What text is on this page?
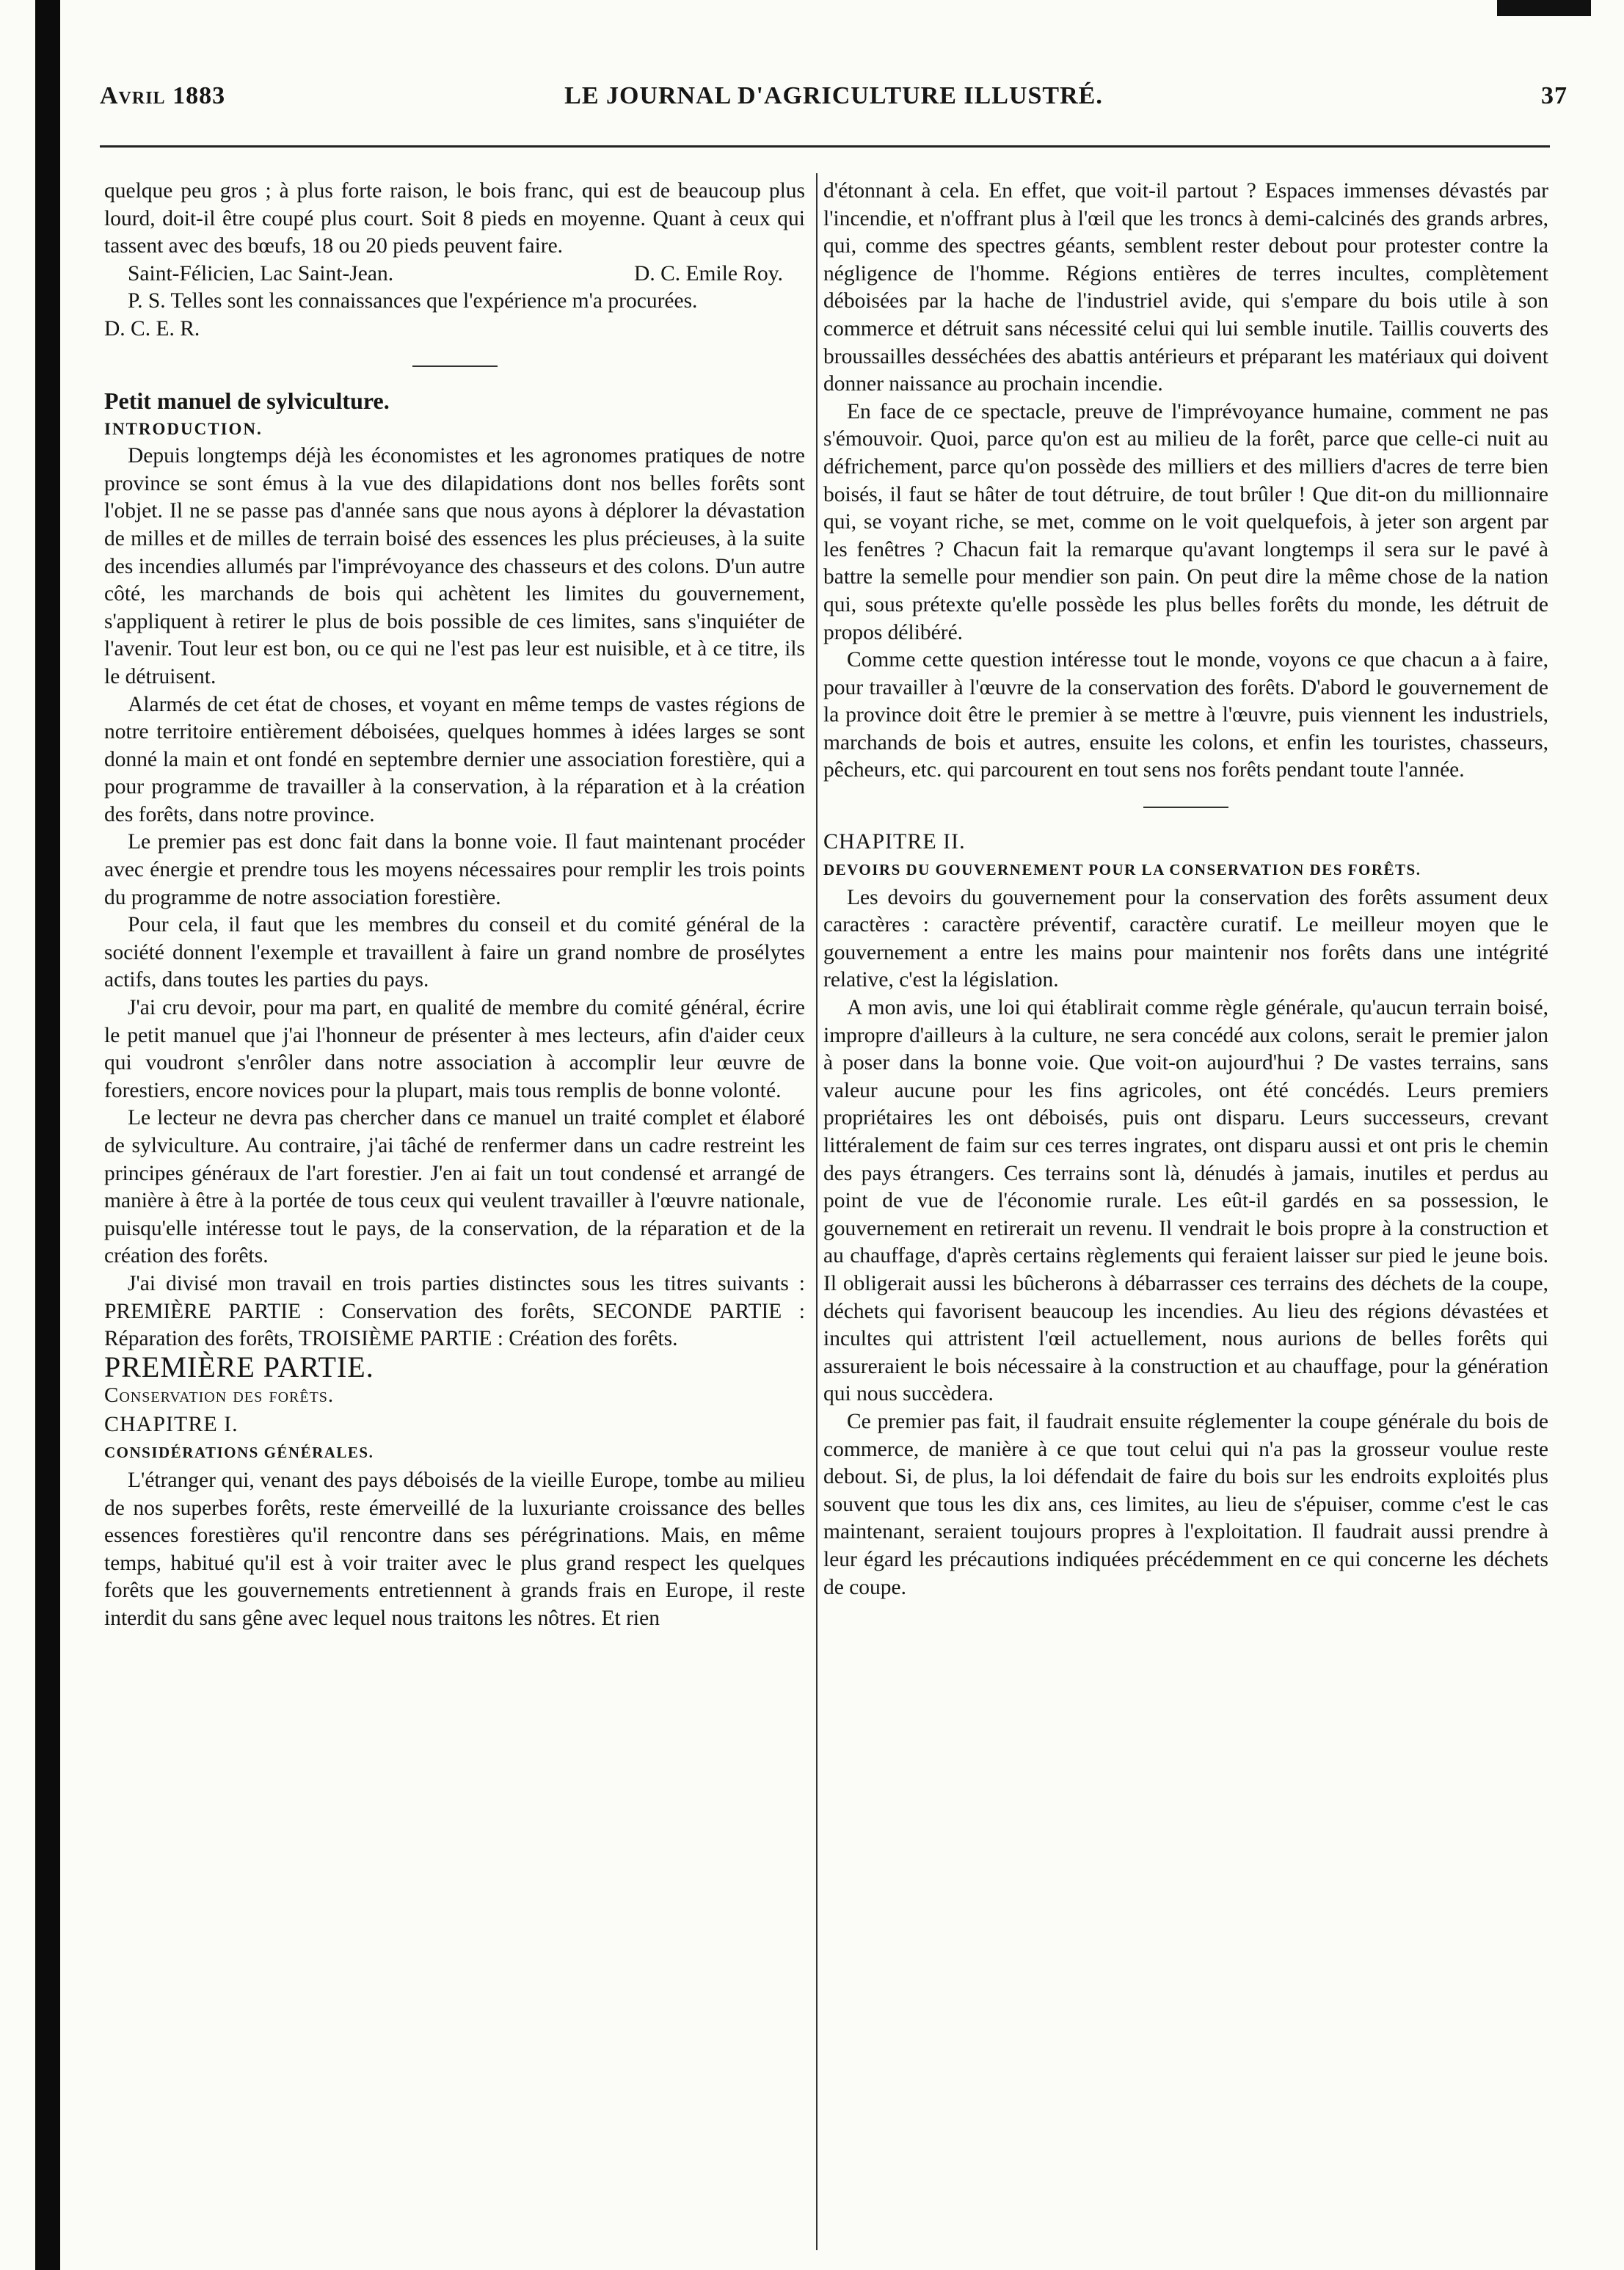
Avril 1883	LE JOURNAL D'AGRICULTURE ILLUSTRÉ.	37

quelque peu gros ; à plus forte raison, le bois franc, qui est de beaucoup plus lourd, doit-il être coupé plus court. Soit 8 pieds en moyenne. Quant à ceux qui tassent avec des bœufs, 18 ou 20 pieds peuvent faire.

Saint-Félicien, Lac Saint-Jean.	D. C. Emile Roy.

P. S. Telles sont les connaissances que l'expérience m'a procurées.

D. C. E. R.

Petit manuel de sylviculture.

INTRODUCTION.

Depuis longtemps déjà les économistes et les agronomes pratiques de notre province se sont émus à la vue des dilapidations dont nos belles forêts sont l'objet. Il ne se passe pas d'année sans que nous ayons à déplorer la dévastation de milles et de milles de terrain boisé des essences les plus précieuses, à la suite des incendies allumés par l'imprévoyance des chasseurs et des colons. D'un autre côté, les marchands de bois qui achètent les limites du gouvernement, s'appliquent à retirer le plus de bois possible de ces limites, sans s'inquiéter de l'avenir. Tout leur est bon, ou ce qui ne l'est pas leur est nuisible, et à ce titre, ils le détruisent.

Alarmés de cet état de choses, et voyant en même temps de vastes régions de notre territoire entièrement déboisées, quelques hommes à idées larges se sont donné la main et ont fondé en septembre dernier une association forestière, qui a pour programme de travailler à la conservation, à la réparation et à la création des forêts, dans notre province.

Le premier pas est donc fait dans la bonne voie. Il faut maintenant procéder avec énergie et prendre tous les moyens nécessaires pour remplir les trois points du programme de notre association forestière.

Pour cela, il faut que les membres du conseil et du comité général de la société donnent l'exemple et travaillent à faire un grand nombre de prosélytes actifs, dans toutes les parties du pays.

J'ai cru devoir, pour ma part, en qualité de membre du comité général, écrire le petit manuel que j'ai l'honneur de présenter à mes lecteurs, afin d'aider ceux qui voudront s'enrôler dans notre association à accomplir leur œuvre de forestiers, encore novices pour la plupart, mais tous remplis de bonne volonté.

Le lecteur ne devra pas chercher dans ce manuel un traité complet et élaboré de sylviculture. Au contraire, j'ai tâché de renfermer dans un cadre restreint les principes généraux de l'art forestier. J'en ai fait un tout condensé et arrangé de manière à être à la portée de tous ceux qui veulent travailler à l'œuvre nationale, puisqu'elle intéresse tout le pays, de la conservation, de la réparation et de la création des forêts.

J'ai divisé mon travail en trois parties distinctes sous les titres suivants : PREMIÈRE PARTIE : Conservation des forêts, SECONDE PARTIE : Réparation des forêts, TROISIÈME PARTIE : Création des forêts.

PREMIÈRE PARTIE.

Conservation des forêts.

CHAPITRE I.

CONSIDÉRATIONS GÉNÉRALES.

L'étranger qui, venant des pays déboisés de la vieille Europe, tombe au milieu de nos superbes forêts, reste émerveillé de la luxuriante croissance des belles essences forestières qu'il rencontre dans ses pérégrinations. Mais, en même temps, habitué qu'il est à voir traiter avec le plus grand respect les quelques forêts que les gouvernements entretiennent à grands frais en Europe, il reste interdit du sans gêne avec lequel nous traitons les nôtres. Et rien

d'étonnant à cela. En effet, que voit-il partout ? Espaces immenses dévastés par l'incendie, et n'offrant plus à l'œil que les troncs à demi-calcinés des grands arbres, qui, comme des spectres géants, semblent rester debout pour protester contre la négligence de l'homme. Régions entières de terres incultes, complètement déboisées par la hache de l'industriel avide, qui s'empare du bois utile à son commerce et détruit sans nécessité celui qui lui semble inutile. Taillis couverts des broussailles desséchées des abattis antérieurs et préparant les matériaux qui doivent donner naissance au prochain incendie.

En face de ce spectacle, preuve de l'imprévoyance humaine, comment ne pas s'émouvoir. Quoi, parce qu'on est au milieu de la forêt, parce que celle-ci nuit au défrichement, parce qu'on possède des milliers et des milliers d'acres de terre bien boisés, il faut se hâter de tout détruire, de tout brûler ! Que dit-on du millionnaire qui, se voyant riche, se met, comme on le voit quelquefois, à jeter son argent par les fenêtres ? Chacun fait la remarque qu'avant longtemps il sera sur le pavé à battre la semelle pour mendier son pain. On peut dire la même chose de la nation qui, sous prétexte qu'elle possède les plus belles forêts du monde, les détruit de propos délibéré.

Comme cette question intéresse tout le monde, voyons ce que chacun a à faire, pour travailler à l'œuvre de la conservation des forêts. D'abord le gouvernement de la province doit être le premier à se mettre à l'œuvre, puis viennent les industriels, marchands de bois et autres, ensuite les colons, et enfin les touristes, chasseurs, pêcheurs, etc. qui parcourent en tout sens nos forêts pendant toute l'année.

CHAPITRE II.

DEVOIRS DU GOUVERNEMENT POUR LA CONSERVATION DES FORÊTS.

Les devoirs du gouvernement pour la conservation des forêts assument deux caractères : caractère préventif, caractère curatif. Le meilleur moyen que le gouvernement a entre les mains pour maintenir nos forêts dans une intégrité relative, c'est la législation.

A mon avis, une loi qui établirait comme règle générale, qu'aucun terrain boisé, impropre d'ailleurs à la culture, ne sera concédé aux colons, serait le premier jalon à poser dans la bonne voie. Que voit-on aujourd'hui ? De vastes terrains, sans valeur aucune pour les fins agricoles, ont été concédés. Leurs premiers propriétaires les ont déboisés, puis ont disparu. Leurs successeurs, crevant littéralement de faim sur ces terres ingrates, ont disparu aussi et ont pris le chemin des pays étrangers. Ces terrains sont là, dénudés à jamais, inutiles et perdus au point de vue de l'économie rurale. Les eût-il gardés en sa possession, le gouvernement en retirerait un revenu. Il vendrait le bois propre à la construction et au chauffage, d'après certains règlements qui feraient laisser sur pied le jeune bois. Il obligerait aussi les bûcherons à débarrasser ces terrains des déchets de la coupe, déchets qui favorisent beaucoup les incendies. Au lieu des régions dévastées et incultes qui attristent l'œil actuellement, nous aurions de belles forêts qui assureraient le bois nécessaire à la construction et au chauffage, pour la génération qui nous succèdera.

Ce premier pas fait, il faudrait ensuite réglementer la coupe générale du bois de commerce, de manière à ce que tout celui qui n'a pas la grosseur voulue reste debout. Si, de plus, la loi défendait de faire du bois sur les endroits exploités plus souvent que tous les dix ans, ces limites, au lieu de s'épuiser, comme c'est le cas maintenant, seraient toujours propres à l'exploitation. Il faudrait aussi prendre à leur égard les précautions indiquées précédemment en ce qui concerne les déchets de coupe.
